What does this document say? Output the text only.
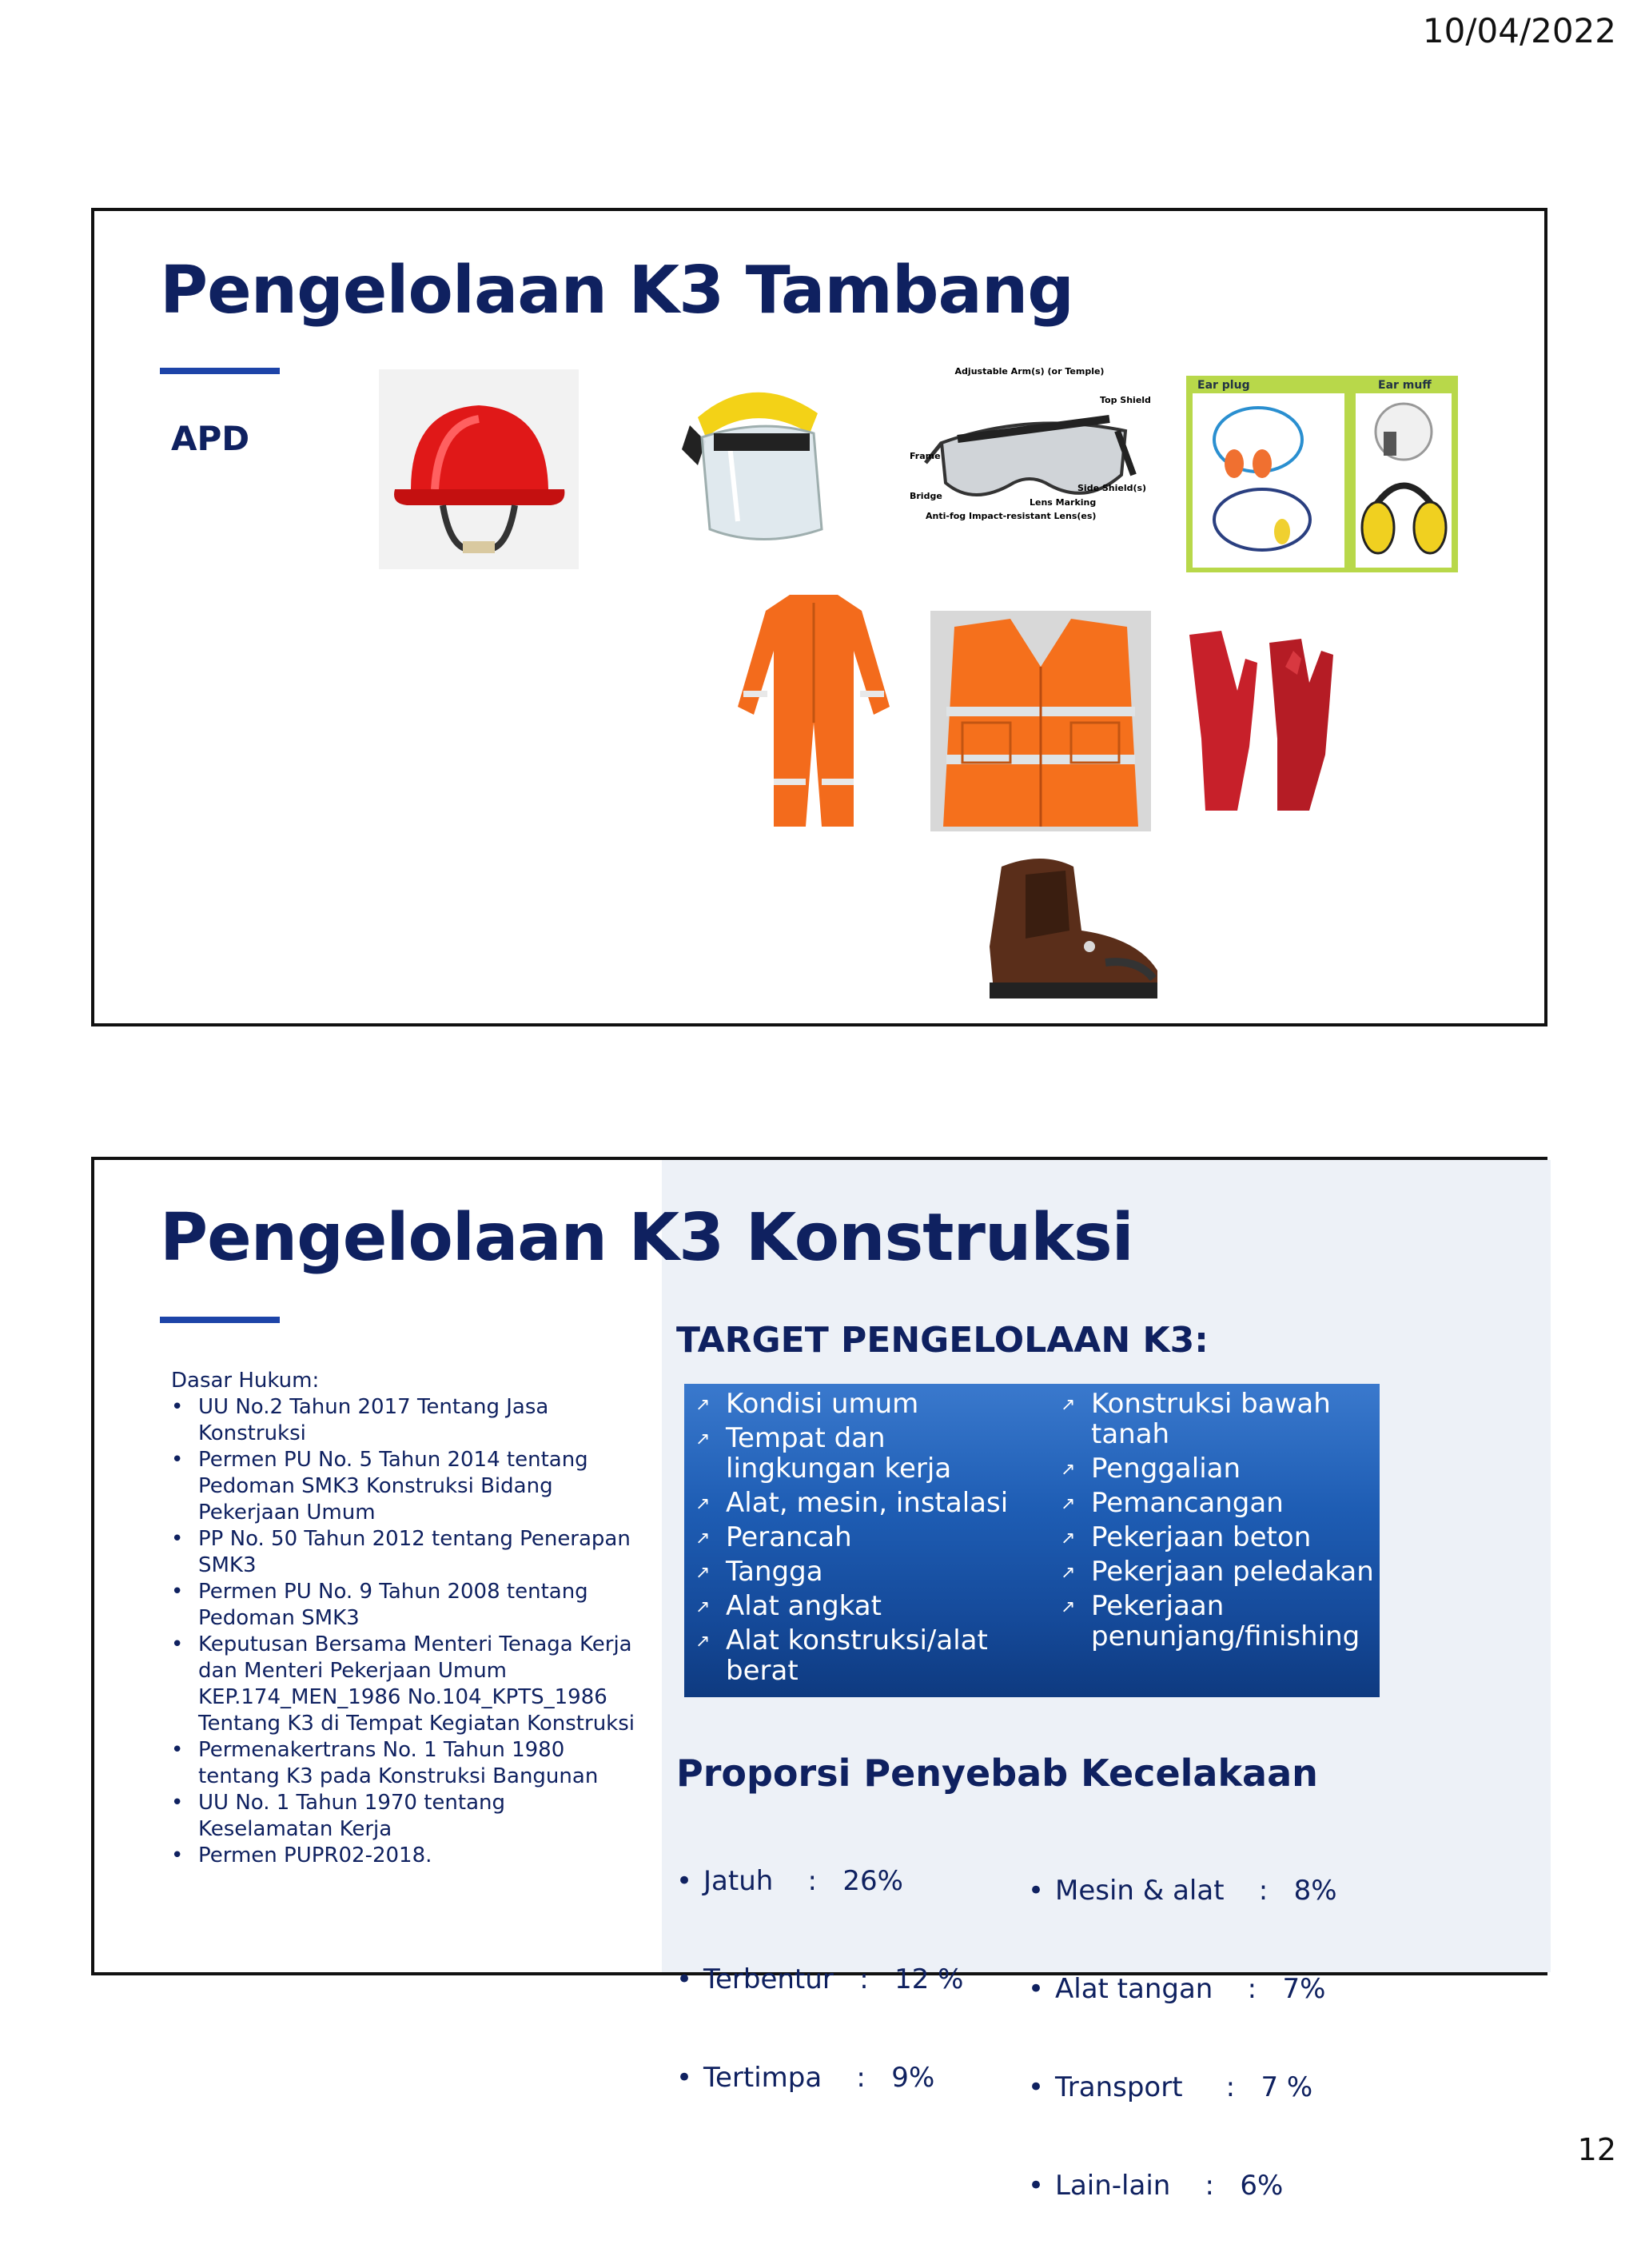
10/04/2022
Pengelolaan K3 Tambang
APD
Adjustable Arm(s) (or Temple)
Top Shield
Frame
Bridge
Lens Marking
Side Shield(s)
Anti-fog Impact-resistant Lens(es)
Ear plug	Ear muff
Pengelolaan K3 Konstruksi
Dasar Hukum:
• UU No.2 Tahun 2017 Tentang Jasa Konstruksi
• Permen PU No. 5 Tahun 2014 tentang Pedoman SMK3 Konstruksi Bidang Pekerjaan Umum
• PP No. 50 Tahun 2012 tentang Penerapan SMK3
• Permen PU No. 9 Tahun 2008 tentang Pedoman SMK3
• Keputusan Bersama Menteri Tenaga Kerja dan Menteri Pekerjaan Umum KEP.174_MEN_1986 No.104_KPTS_1986 Tentang K3 di Tempat Kegiatan Konstruksi
• Permenakertrans No. 1 Tahun 1980 tentang K3 pada Konstruksi Bangunan
• UU No. 1 Tahun 1970 tentang Keselamatan Kerja
• Permen PUPR02-2018.
TARGET PENGELOLAAN K3:
↗ Kondisi umum
↗ Tempat dan lingkungan kerja
↗ Alat, mesin, instalasi
↗ Perancah
↗ Tangga
↗ Alat angkat
↗ Alat konstruksi/alat berat
↗ Konstruksi bawah tanah
↗ Penggalian
↗ Pemancangan
↗ Pekerjaan beton
↗ Pekerjaan peledakan
↗ Pekerjaan penunjang/finishing
Proporsi Penyebab Kecelakaan

• Jatuh    :   26%

• Terbentur   :   12 %

• Tertimpa    :   9%

• Mesin & alat    :   8%

• Alat tangan    :   7%

• Transport     :   7 %

• Lain-lain    :   6%

12
